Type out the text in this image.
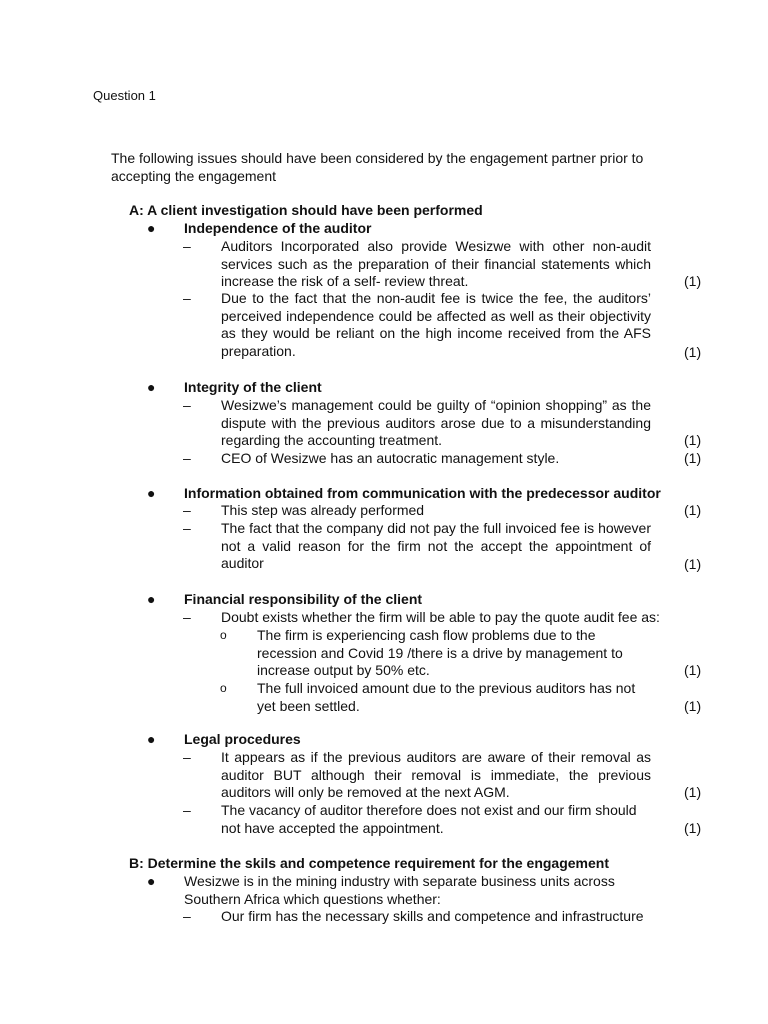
Question 1
The following issues should have been considered by the engagement partner prior to accepting the engagement
A: A client investigation should have been performed
● Independence of the auditor
– Auditors Incorporated also provide Wesizwe with other non-audit services such as the preparation of their financial statements which increase the risk of a self- review threat.	(1)
– Due to the fact that the non-audit fee is twice the fee, the auditors’ perceived independence could be affected as well as their objectivity as they would be reliant on the high income received from the AFS preparation.	(1)
● Integrity of the client
– Wesizwe’s management could be guilty of “opinion shopping” as the dispute with the previous auditors arose due to a misunderstanding regarding the accounting treatment.	(1)
– CEO of Wesizwe has an autocratic management style.	(1)
● Information obtained from communication with the predecessor auditor
– This step was already performed	(1)
– The fact that the company did not pay the full invoiced fee is however not a valid reason for the firm not the accept the appointment of auditor	(1)
● Financial responsibility of the client
– Doubt exists whether the firm will be able to pay the quote audit fee as:
o The firm is experiencing cash flow problems due to the recession and Covid 19 /there is a drive by management to increase output by 50% etc.	(1)
o The full invoiced amount due to the previous auditors has not yet been settled.	(1)
● Legal procedures
– It appears as if the previous auditors are aware of their removal as auditor BUT although their removal is immediate, the previous auditors will only be removed at the next AGM.	(1)
– The vacancy of auditor therefore does not exist and our firm should not have accepted the appointment.	(1)
B: Determine the skils and competence requirement for the engagement
● Wesizwe is in the mining industry with separate business units across Southern Africa which questions whether:
– Our firm has the necessary skills and competence and infrastructure
